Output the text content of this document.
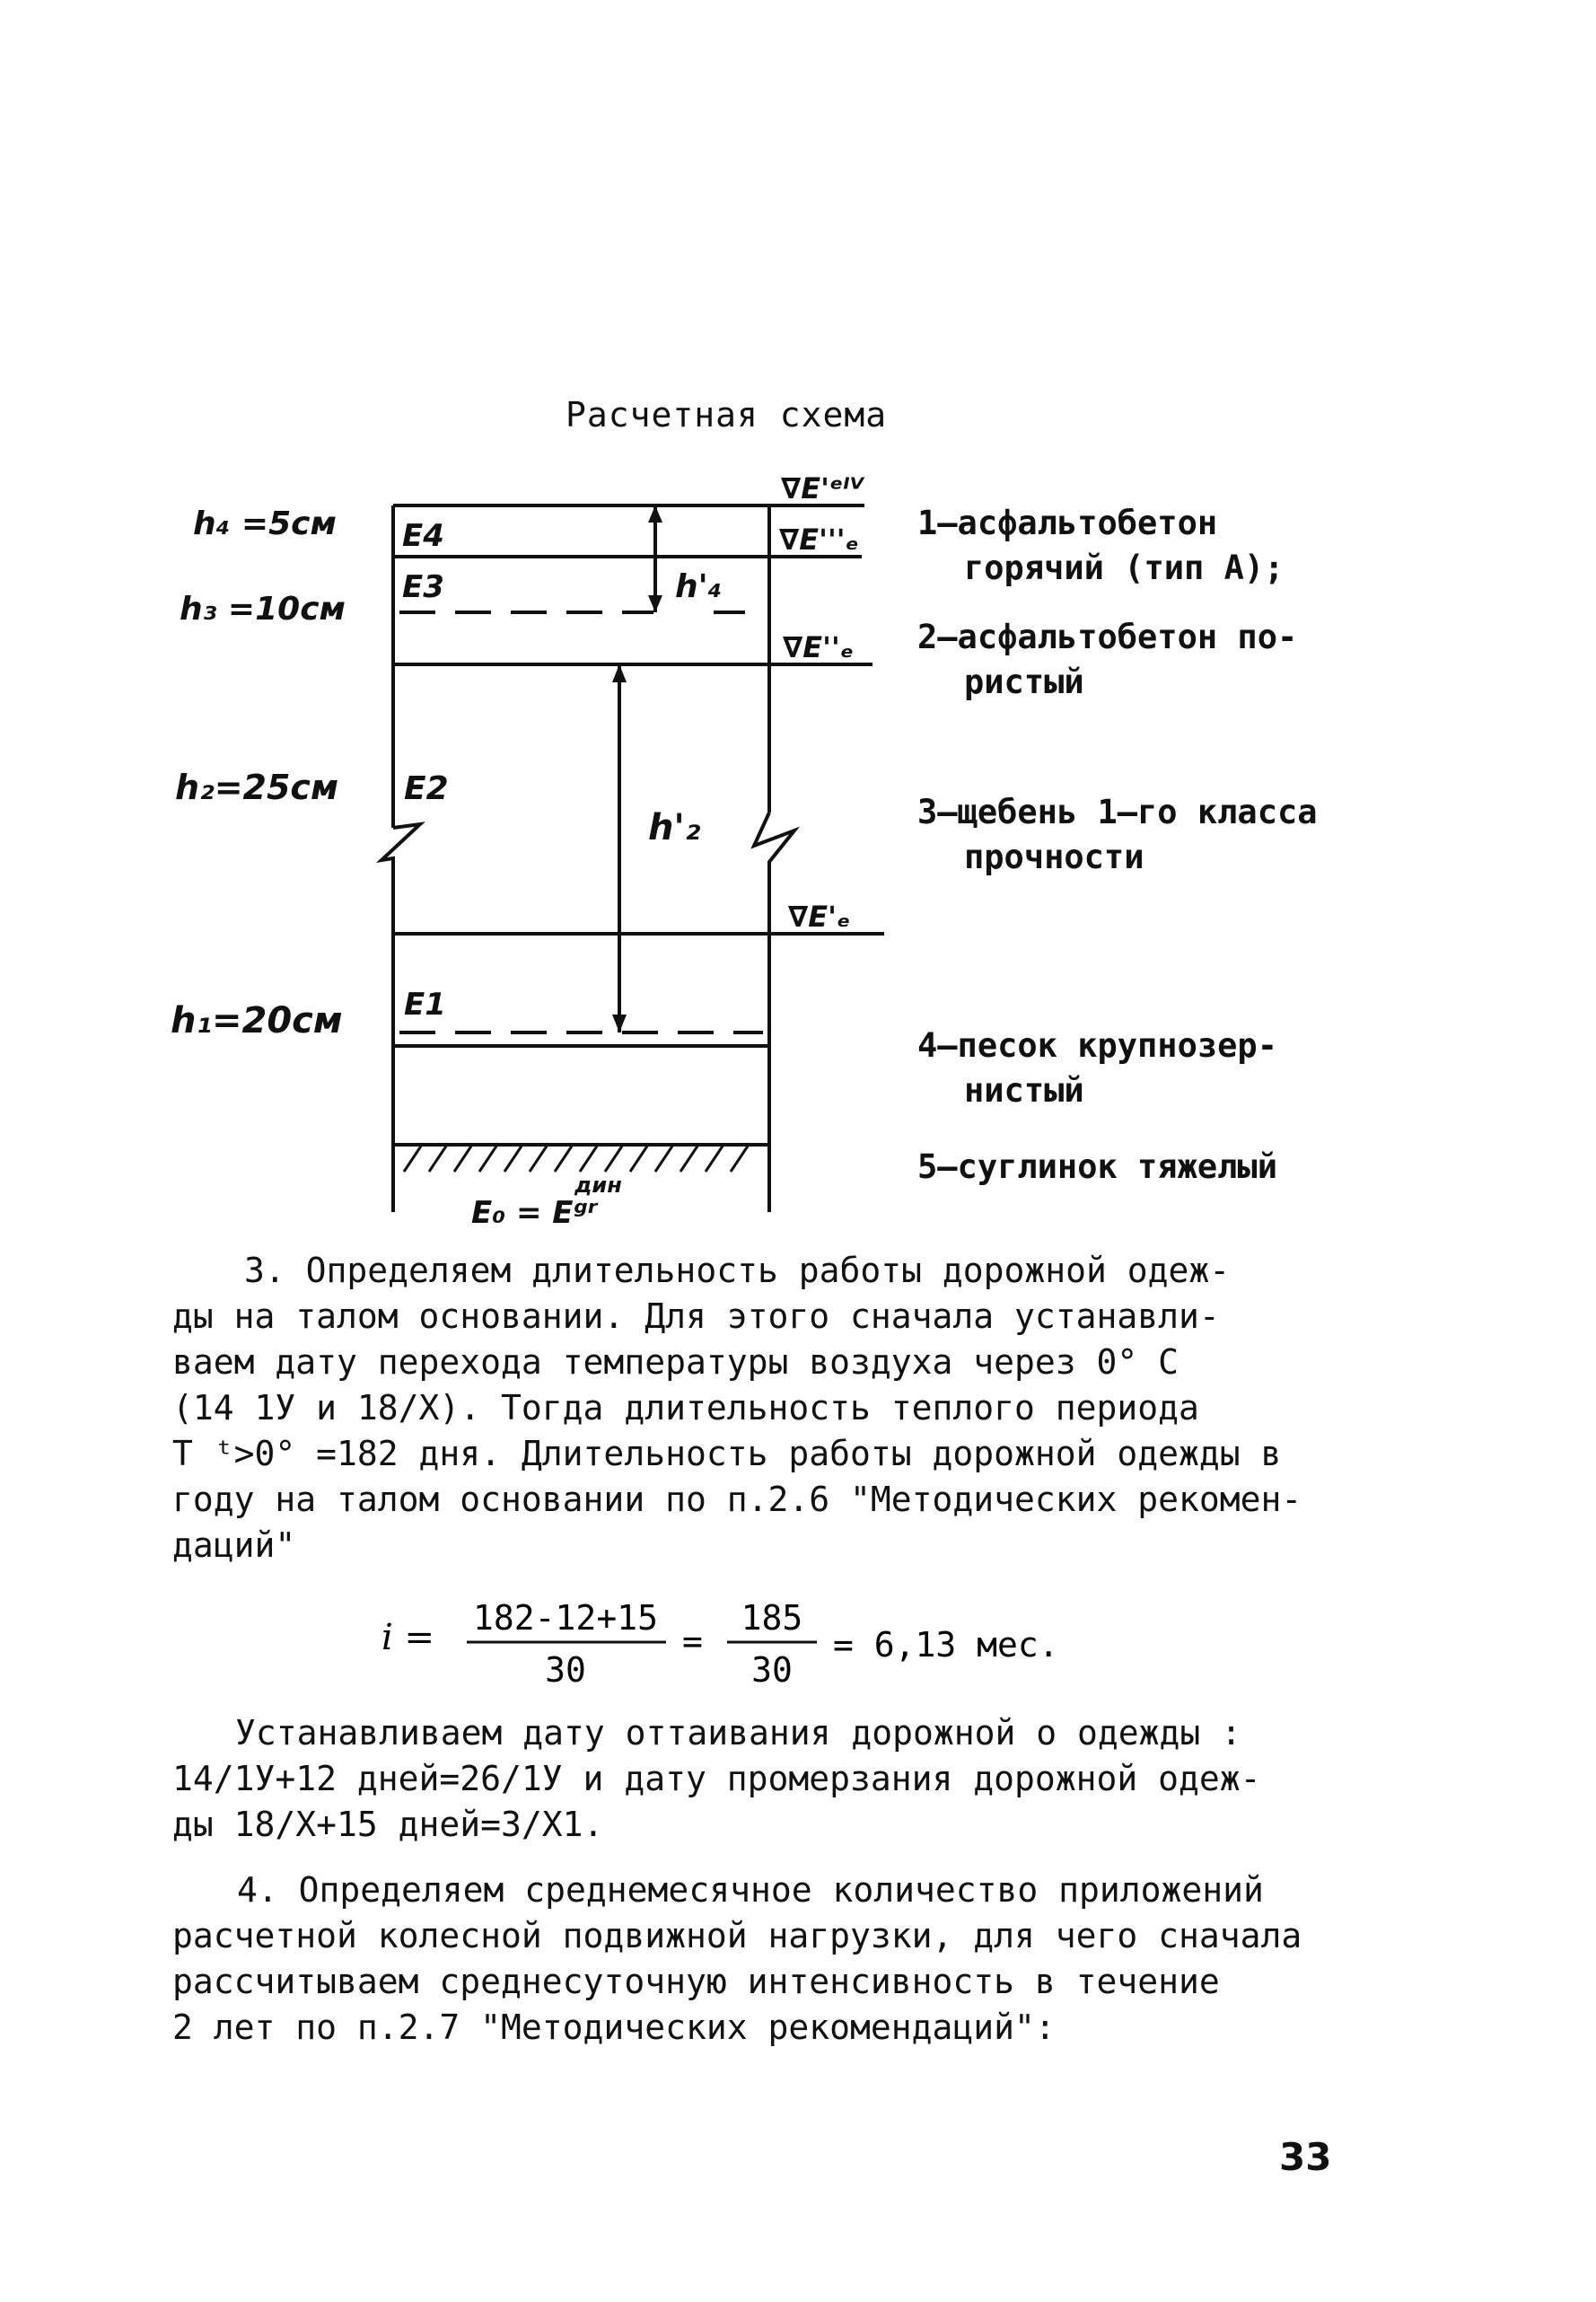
Расчетная схема
h₄ =5см
h₃ =10см
h₂=25см
h₁=20см
E4
E3
E2
E1
h'₄
h'₂
∇E'ᵉᴵⱽ
∇E'''ₑ
∇E''ₑ
∇E'ₑ
E₀ = Eᵍʳ
дин
1–асфальтобетон
горячий (тип А);
2–асфальтобетон по-
ристый
3–щебень 1–го класса
прочности
4–песок крупнозер-
нистый
5–суглинок тяжелый
3. Определяем длительность работы дорожной одеж-
ды на талом основании. Для этого сначала устанавли-
ваем дату перехода температуры воздуха через 0° С
(14 1У и 18/Х). Тогда длительность теплого периода
T ᵗ>0° =182 дня. Длительность работы дорожной одежды в
году на талом основании по п.2.6 "Методических рекомен-
даций"
i = 182-12+15
30
=
185
30
= 6,13 мес.
Устанавливаем дату оттаивания дорожной о одежды :
14/1У+12 дней=26/1У и дату промерзания дорожной одеж-
ды 18/Х+15 дней=3/Х1.
4. Определяем среднемесячное количество приложений
расчетной колесной подвижной нагрузки, для чего сначала
рассчитываем среднесуточную интенсивность в течение
2 лет по п.2.7 "Методических рекомендаций":
33
